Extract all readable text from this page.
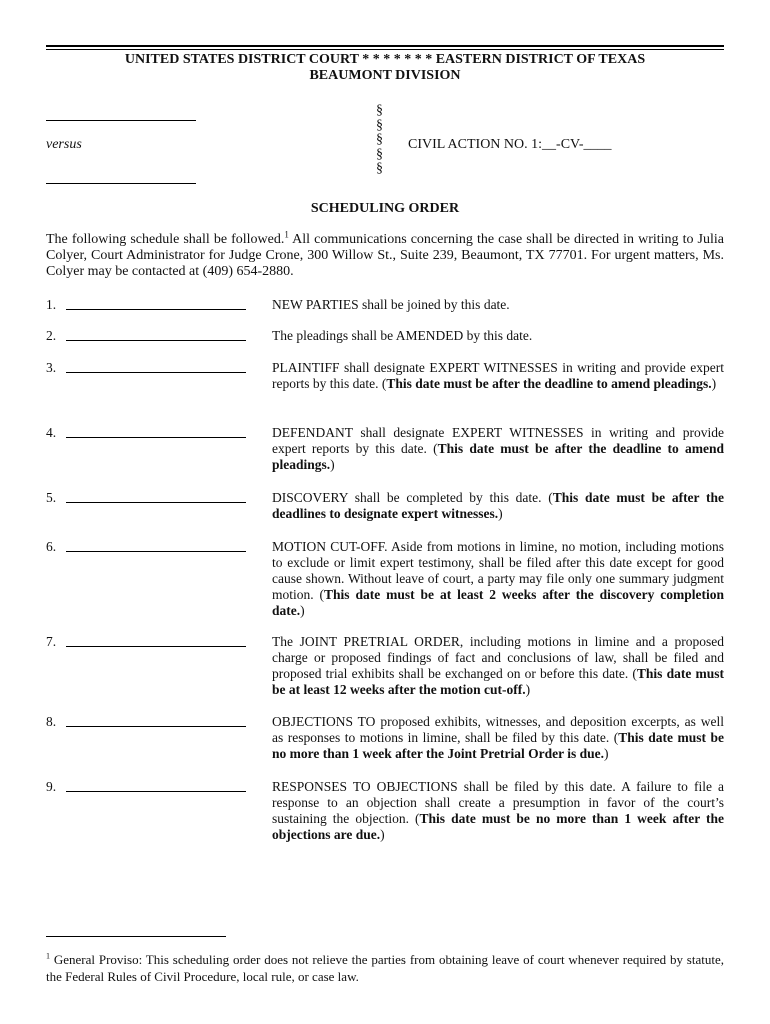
UNITED STATES DISTRICT COURT * * * * * * * EASTERN DISTRICT OF TEXAS
BEAUMONT DIVISION
versus
§
§
§
§
§
CIVIL ACTION NO. 1:__-CV-____
SCHEDULING ORDER
The following schedule shall be followed.$^1$ All communications concerning the case shall be directed in writing to Julia Colyer, Court Administrator for Judge Crone, 300 Willow St., Suite 239, Beaumont, TX 77701. For urgent matters, Ms. Colyer may be contacted at (409) 654-2880.
1.	NEW PARTIES shall be joined by this date.
2.	The pleadings shall be AMENDED by this date.
3.	PLAINTIFF shall designate EXPERT WITNESSES in writing and provide expert reports by this date. (This date must be after the deadline to amend pleadings.)
4.	DEFENDANT shall designate EXPERT WITNESSES in writing and provide expert reports by this date. (This date must be after the deadline to amend pleadings.)
5.	DISCOVERY shall be completed by this date. (This date must be after the deadlines to designate expert witnesses.)
6.	MOTION CUT-OFF. Aside from motions in limine, no motion, including motions to exclude or limit expert testimony, shall be filed after this date except for good cause shown. Without leave of court, a party may file only one summary judgment motion. (This date must be at least 2 weeks after the discovery completion date.)
7.	The JOINT PRETRIAL ORDER, including motions in limine and a proposed charge or proposed findings of fact and conclusions of law, shall be filed and proposed trial exhibits shall be exchanged on or before this date. (This date must be at least 12 weeks after the motion cut-off.)
8.	OBJECTIONS TO proposed exhibits, witnesses, and deposition excerpts, as well as responses to motions in limine, shall be filed by this date. (This date must be no more than 1 week after the Joint Pretrial Order is due.)
9.	RESPONSES TO OBJECTIONS shall be filed by this date. A failure to file a response to an objection shall create a presumption in favor of the court’s sustaining the objection. (This date must be no more than 1 week after the objections are due.)
$^1$ General Proviso: This scheduling order does not relieve the parties from obtaining leave of court whenever required by statute, the Federal Rules of Civil Procedure, local rule, or case law.
